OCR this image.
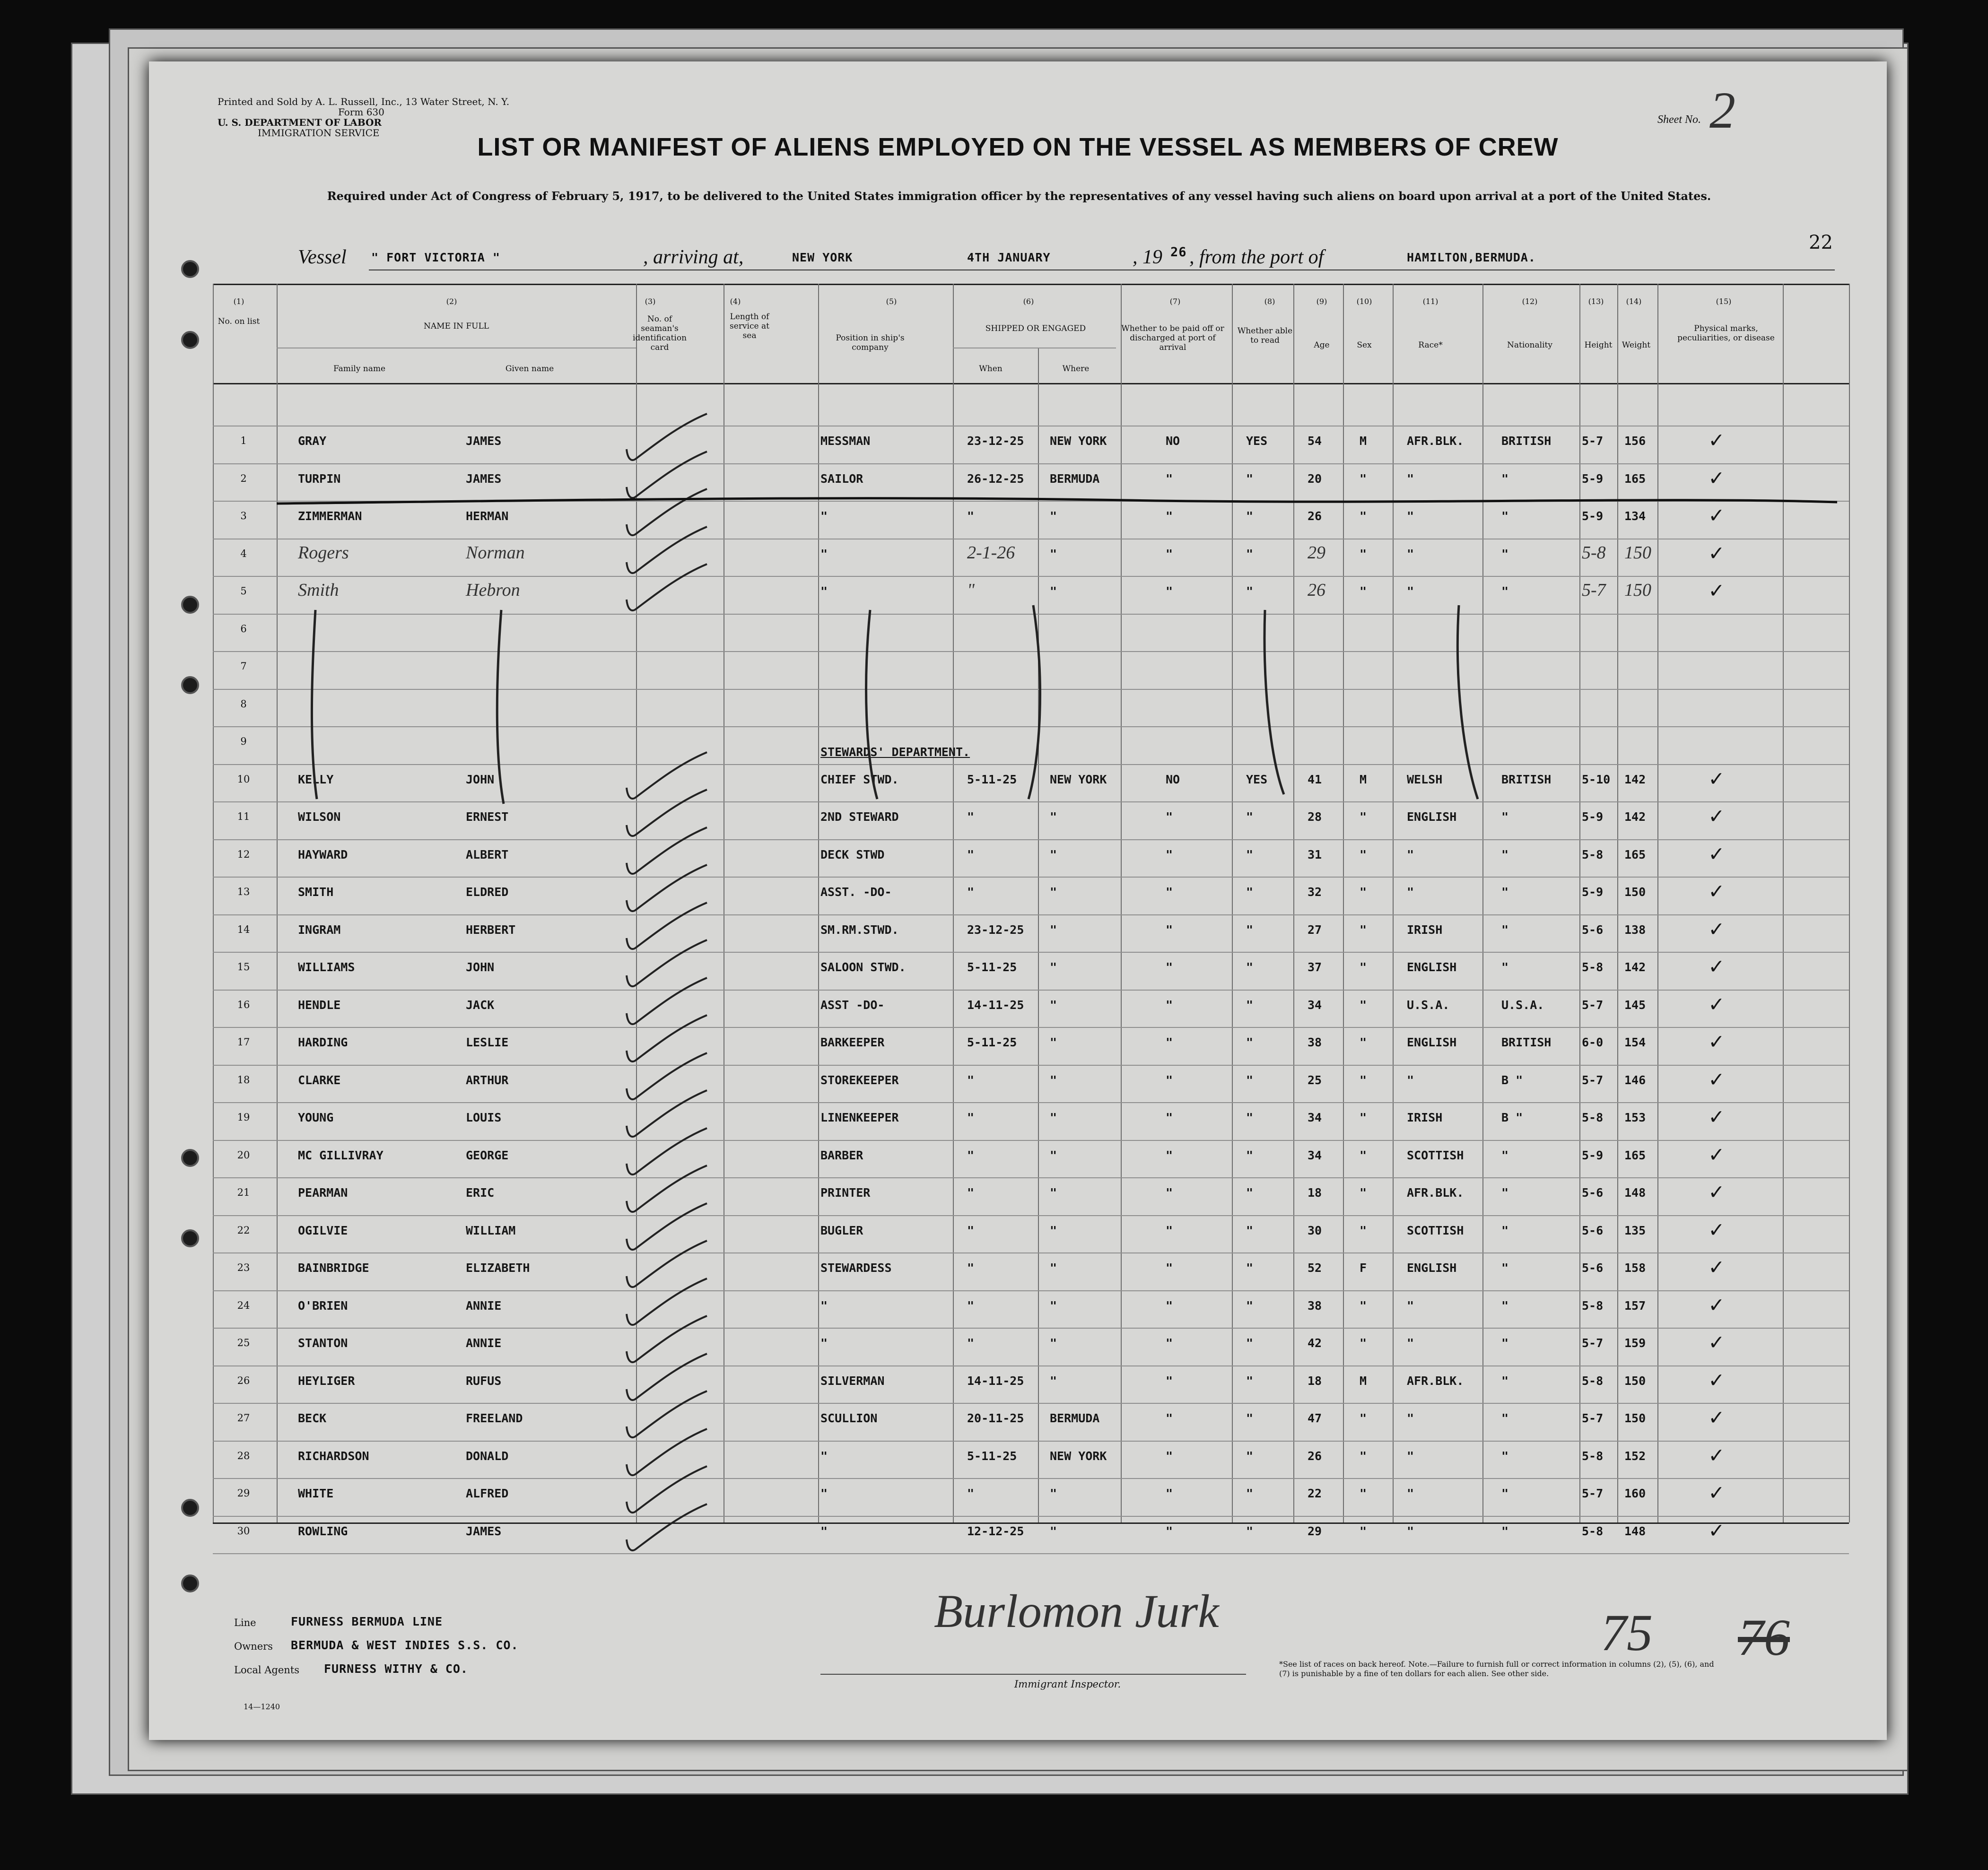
Printed and Sold by A. L. Russell, Inc., 13 Water Street, N. Y.
Form 630
U. S. DEPARTMENT OF LABOR
IMMIGRATION SERVICE
Sheet No. 2
LIST OR MANIFEST OF ALIENS EMPLOYED ON THE VESSEL AS MEMBERS OF CREW
Required under Act of Congress of February 5, 1917, to be delivered to the United States immigration officer by the representatives of any vessel having such aliens on board upon arrival at a port of the United States.
22
Vessel " FORT VICTORIA "	, arriving at,	NEW YORK	4TH JANUARY	, 19 26 , from the port of	HAMILTON,BERMUDA.
(1)	(2)	(3)	(4)	(5)	(6)	(7)	(8)	(9)	(10)	(11)	(12)	(13)	(14)	(15)
No. on list	NAME IN FULL
Family name	Given name
No. of seaman's identification card
Length of service at sea	Position in ship's company
SHIPPED OR ENGAGED
When	Where
Whether to be paid off or discharged at port of arrival
Whether able to read	Age	Sex	Race*	Nationality	Height	Weight
Physical marks, peculiarities, or disease
1	GRAY	JAMES	MESSMAN	23-12-25 NEW YORK	NO	YES	54	M	AFR.BLK.	BRITISH	5-7 156	✓
2	TURPIN	JAMES	SAILOR	26-12-25 BERMUDA	"	"	20	"	"	"	5-9 165	✓
3	ZIMMERMAN	HERMAN	"	"	"	"	"	26	"	"	"	5-9 134	✓
4	Rogers	Norman	"	2-1-26	"	"	"	29	"	"	"	5-8 150	✓
5	Smith	Hebron	"	"	"	"	"	26	"	"	"	5-7 150	✓
6
7
8
9
STEWARDS' DEPARTMENT.
10	KELLY	JOHN	CHIEF STWD.	5-11-25	NEW YORK	NO	YES	41	M	WELSH	BRITISH	5-10 142	✓
11	WILSON	ERNEST	2ND STEWARD	"	"	"	"	28	"	ENGLISH	"	5-9 142	✓
12	HAYWARD	ALBERT	DECK STWD	"	"	"	"	31	"	"	"	5-8 165	✓
13	SMITH	ELDRED	ASST. -DO-	"	"	"	"	32	"	"	"	5-9 150	✓
14	INGRAM	HERBERT	SM.RM.STWD.	23-12-25 "	"	"	27	"	IRISH	"	5-6 138	✓
15	WILLIAMS	JOHN	SALOON STWD.	5-11-25	"	"	"	37	"	ENGLISH	"	5-8 142	✓
16	HENDLE	JACK	ASST -DO-	14-11-25 "	"	"	34	"	U.S.A.	U.S.A.	5-7 145	✓
17	HARDING	LESLIE	BARKEEPER	5-11-25	"	"	"	38	"	ENGLISH	BRITISH	6-0 154	✓
18	CLARKE	ARTHUR	STOREKEEPER	"	"	"	"	25	"	"	B "	5-7 146	✓
19	YOUNG	LOUIS	LINENKEEPER	"	"	"	"	34	"	IRISH	B "	5-8 153	✓
20	MC GILLIVRAY	GEORGE	BARBER	"	"	"	"	34	"	SCOTTISH	"	5-9 165	✓
21	PEARMAN	ERIC	PRINTER	"	"	"	"	18	"	AFR.BLK.	"	5-6 148	✓
22	OGILVIE	WILLIAM	BUGLER	"	"	"	"	30	"	SCOTTISH	"	5-6 135	✓
23	BAINBRIDGE	ELIZABETH	STEWARDESS	"	"	"	"	52	F	ENGLISH	"	5-6 158	✓
24	O'BRIEN	ANNIE	"	"	"	"	"	38	"	"	"	5-8 157	✓
25	STANTON	ANNIE	"	"	"	"	"	42	"	"	"	5-7 159	✓
26	HEYLIGER	RUFUS	SILVERMAN	14-11-25 "	"	"	18	M	AFR.BLK.	"	5-8 150	✓
27	BECK	FREELAND	SCULLION	20-11-25 BERMUDA	"	"	47	"	"	"	5-7 150	✓
28	RICHARDSON	DONALD	"	5-11-25	NEW YORK	"	"	26	"	"	"	5-8 152	✓
29	WHITE	ALFRED	"	"	"	"	"	22	"	"	"	5-7 160	✓
30	ROWLING	JAMES	"	12-12-25 "	"	"	29	"	"	"	5-8 148	✓
Line	FURNESS BERMUDA LINE
Owners BERMUDA & WEST INDIES S.S. CO.
Local Agents FURNESS WITHY & CO.
14—1240
Immigrant Inspector.
Burlomon Jurk
*See list of races on back hereof. Note.—Failure to furnish full or correct information in columns (2), (5), (6), and (7) is punishable by a fine of ten dollars for each alien. See other side.
75 76
